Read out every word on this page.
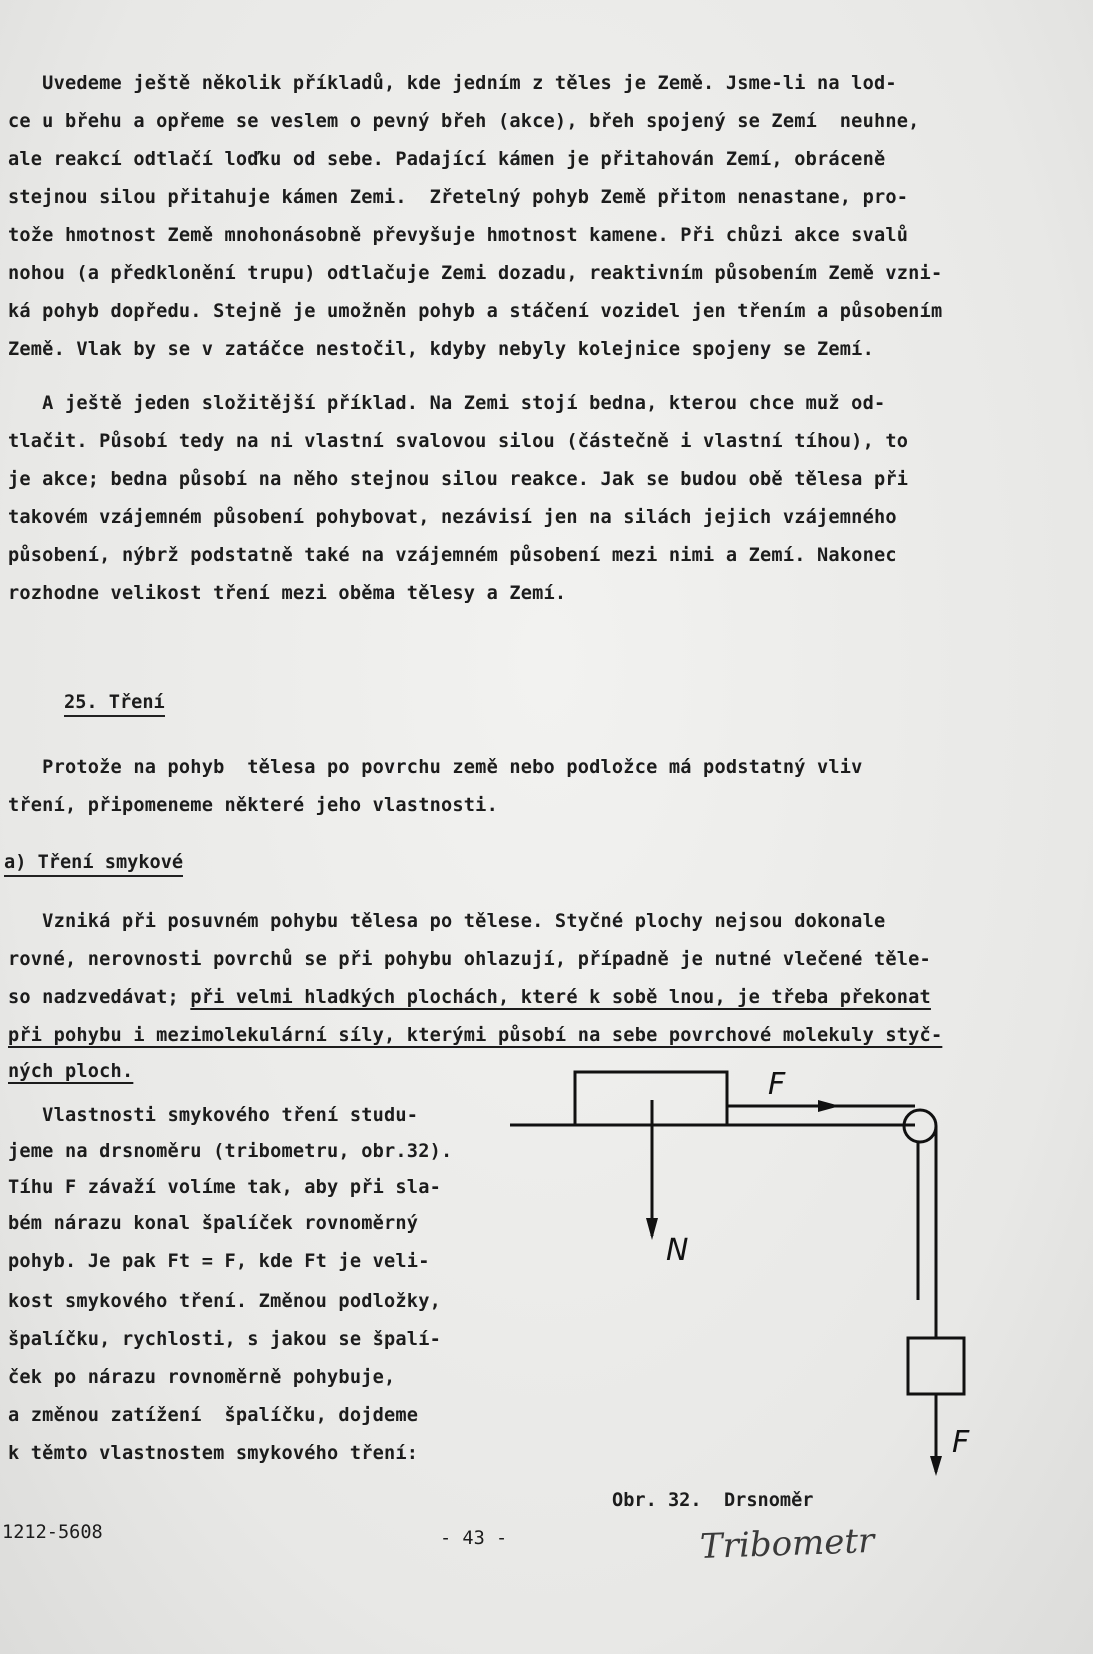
Uvedeme ještě několik příkladů, kde jedním z těles je Země. Jsme-li na lod-
ce u břehu a opřeme se veslem o pevný břeh (akce), břeh spojený se Zemí  neuhne,
ale reakcí odtlačí loďku od sebe. Padající kámen je přitahován Zemí, obráceně
stejnou silou přitahuje kámen Zemi.  Zřetelný pohyb Země přitom nenastane, pro-
tože hmotnost Země mnohonásobně převyšuje hmotnost kamene. Při chůzi akce svalů
nohou (a předklonění trupu) odtlačuje Zemi dozadu, reaktivním působením Země vzni-
ká pohyb dopředu. Stejně je umožněn pohyb a stáčení vozidel jen třením a působením
Země. Vlak by se v zatáčce nestočil, kdyby nebyly kolejnice spojeny se Zemí.
A ještě jeden složitější příklad. Na Zemi stojí bedna, kterou chce muž od-
tlačit. Působí tedy na ni vlastní svalovou silou (částečně i vlastní tíhou), to
je akce; bedna působí na něho stejnou silou reakce. Jak se budou obě tělesa při
takovém vzájemném působení pohybovat, nezávisí jen na silách jejich vzájemného
působení, nýbrž podstatně také na vzájemném působení mezi nimi a Zemí. Nakonec
rozhodne velikost tření mezi oběma tělesy a Zemí.
25. Tření
Protože na pohyb  tělesa po povrchu země nebo podložce má podstatný vliv
tření, připomeneme některé jeho vlastnosti.
a) Tření smykové
Vzniká při posuvném pohybu tělesa po tělese. Styčné plochy nejsou dokonale
rovné, nerovnosti povrchů se při pohybu ohlazují, případně je nutné vlečené těle-
so nadzvedávat; při velmi hladkých plochách, které k sobě lnou, je třeba překonat
při pohybu i mezimolekulární síly, kterými působí na sebe povrchové molekuly styč-
ných ploch.
Vlastnosti smykového tření studu-
jeme na drsnoměru (tribometru, obr.32).
Tíhu F závaží volíme tak, aby při sla-
bém nárazu konal špalíček rovnoměrný
pohyb. Je pak Ft = F, kde Ft je veli-
kost smykového tření. Změnou podložky,
špalíčku, rychlosti, s jakou se špalí-
ček po nárazu rovnoměrně pohybuje,
a změnou zatížení  špalíčku, dojdeme
k těmto vlastnostem smykového tření:
F
N
F
Obr. 32.  Drsnoměr
1212-5608	- 43 -	Tribometr
